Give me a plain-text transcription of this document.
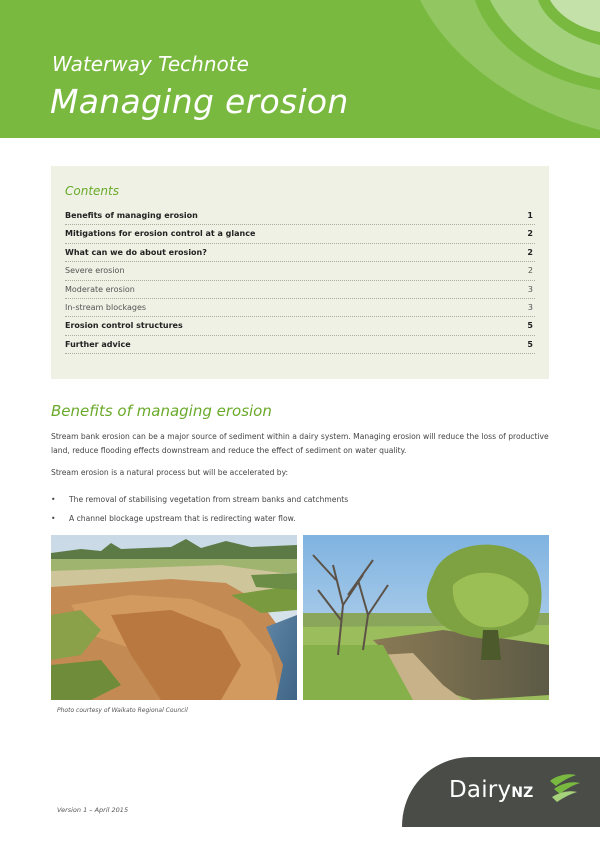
Waterway Technote
Managing erosion
Contents
Benefits of managing erosion	1
Mitigations for erosion control at a glance	2
What can we do about erosion?	2
Severe erosion	2
Moderate erosion	3
In-stream blockages	3
Erosion control structures	5
Further advice	5
Benefits of managing erosion

Stream bank erosion can be a major source of sediment within a dairy system. Managing erosion will reduce the loss of productive land, reduce flooding effects downstream and reduce the effect of sediment on water quality.

Stream erosion is a natural process but will be accelerated by:

• The removal of stabilising vegetation from stream banks and catchments
• A channel blockage upstream that is redirecting water flow.
Photo courtesy of Waikato Regional Council
DairyNZ
Version 1 – April 2015
